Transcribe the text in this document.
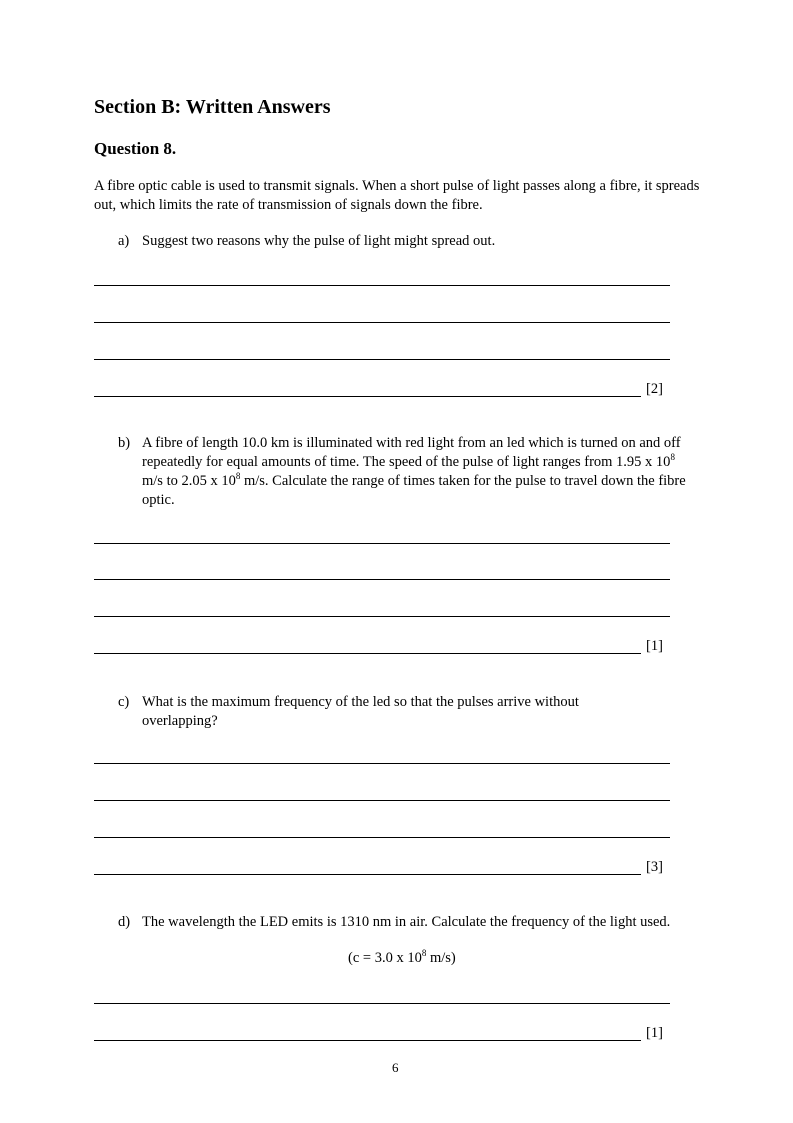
Section B: Written Answers
Question 8.
A fibre optic cable is used to transmit signals. When a short pulse of light passes along a fibre, it spreads out, which limits the rate of transmission of signals down the fibre.
a) Suggest two reasons why the pulse of light might spread out.
[2]
b) A fibre of length 10.0 km is illuminated with red light from an led which is turned on and off repeatedly for equal amounts of time. The speed of the pulse of light ranges from 1.95 x $10^8$ m/s to 2.05 x $10^8$ m/s. Calculate the range of times taken for the pulse to travel down the fibre optic.
[1]
c) What is the maximum frequency of the led so that the pulses arrive without overlapping?
[3]
d) The wavelength the LED emits is 1310 nm in air. Calculate the frequency of the light used.
(c = 3.0 x $10^8$ m/s)
[1]
6
